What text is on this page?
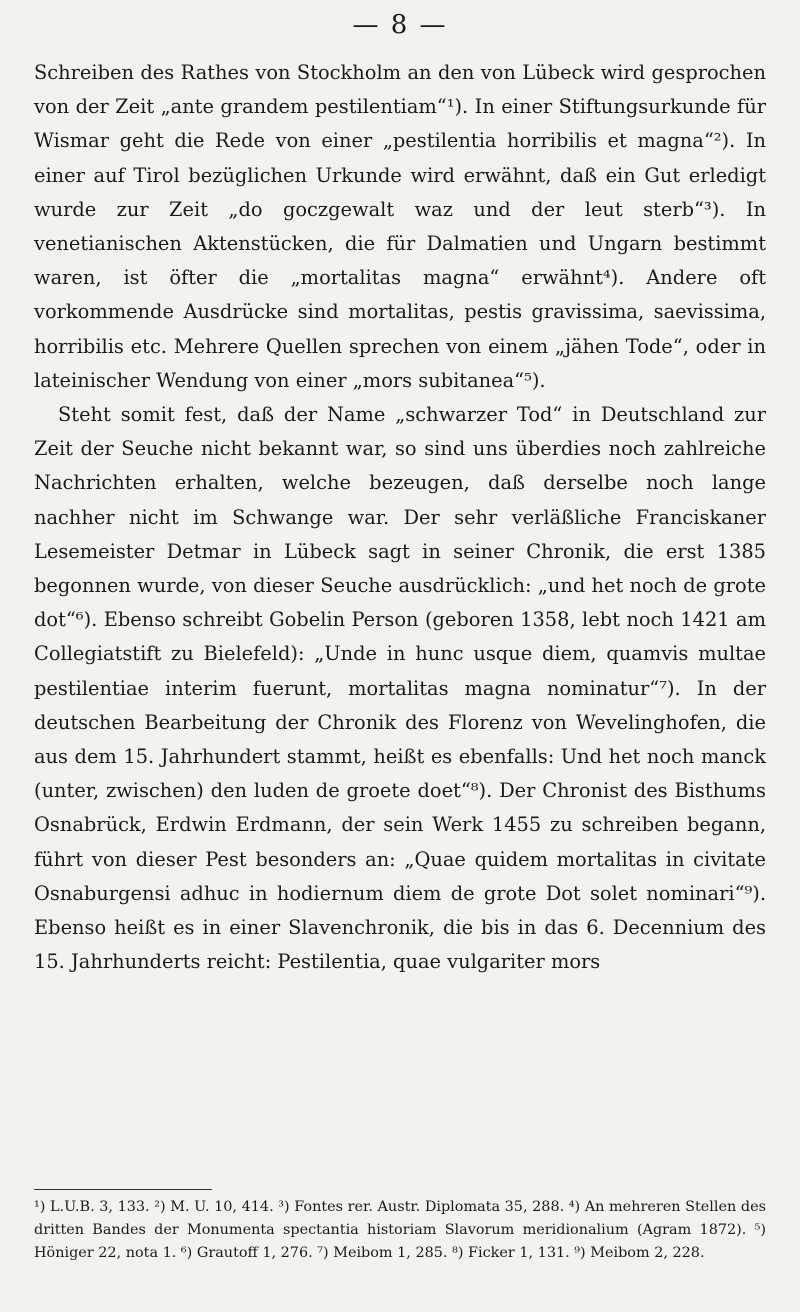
— 8 —

Schreiben des Rathes von Stockholm an den von Lübeck wird gesprochen von der Zeit „ante grandem pestilentiam“¹). In einer Stiftungsurkunde für Wismar geht die Rede von einer „pestilentia horribilis et magna“²). In einer auf Tirol bezüglichen Urkunde wird erwähnt, daß ein Gut erledigt wurde zur Zeit „do goczgewalt waz und der leut sterb“³). In venetianischen Aktenstücken, die für Dalmatien und Ungarn bestimmt waren, ist öfter die „mortalitas magna“ erwähnt⁴). Andere oft vorkommende Ausdrücke sind mortalitas, pestis gravissima, saevissima, horribilis etc. Mehrere Quellen sprechen von einem „jähen Tode“, oder in lateinischer Wendung von einer „mors subitanea“⁵).

Steht somit fest, daß der Name „schwarzer Tod“ in Deutschland zur Zeit der Seuche nicht bekannt war, so sind uns überdies noch zahlreiche Nachrichten erhalten, welche bezeugen, daß derselbe noch lange nachher nicht im Schwange war. Der sehr verläßliche Franciskaner Lesemeister Detmar in Lübeck sagt in seiner Chronik, die erst 1385 begonnen wurde, von dieser Seuche ausdrücklich: „und het noch de grote dot“⁶). Ebenso schreibt Gobelin Person (geboren 1358, lebt noch 1421 am Collegiatstift zu Bielefeld): „Unde in hunc usque diem, quamvis multae pestilentiae interim fuerunt, mortalitas magna nominatur“⁷). In der deutschen Bearbeitung der Chronik des Florenz von Wevelinghofen, die aus dem 15. Jahrhundert stammt, heißt es ebenfalls: Und het noch manck (unter, zwischen) den luden de groete doet“⁸). Der Chronist des Bisthums Osnabrück, Erdwin Erdmann, der sein Werk 1455 zu schreiben begann, führt von dieser Pest besonders an: „Quae quidem mortalitas in civitate Osnaburgensi adhuc in hodiernum diem de grote Dot solet nominari“⁹). Ebenso heißt es in einer Slavenchronik, die bis in das 6. Decennium des 15. Jahrhunderts reicht: Pestilentia, quae vulgariter mors

¹) L.U.B. 3, 133. ²) M. U. 10, 414. ³) Fontes rer. Austr. Diplomata 35, 288. ⁴) An mehreren Stellen des dritten Bandes der Monumenta spectantia historiam Slavorum meridionalium (Agram 1872). ⁵) Höniger 22, nota 1. ⁶) Grautoff 1, 276. ⁷) Meibom 1, 285. ⁸) Ficker 1, 131. ⁹) Meibom 2, 228.
